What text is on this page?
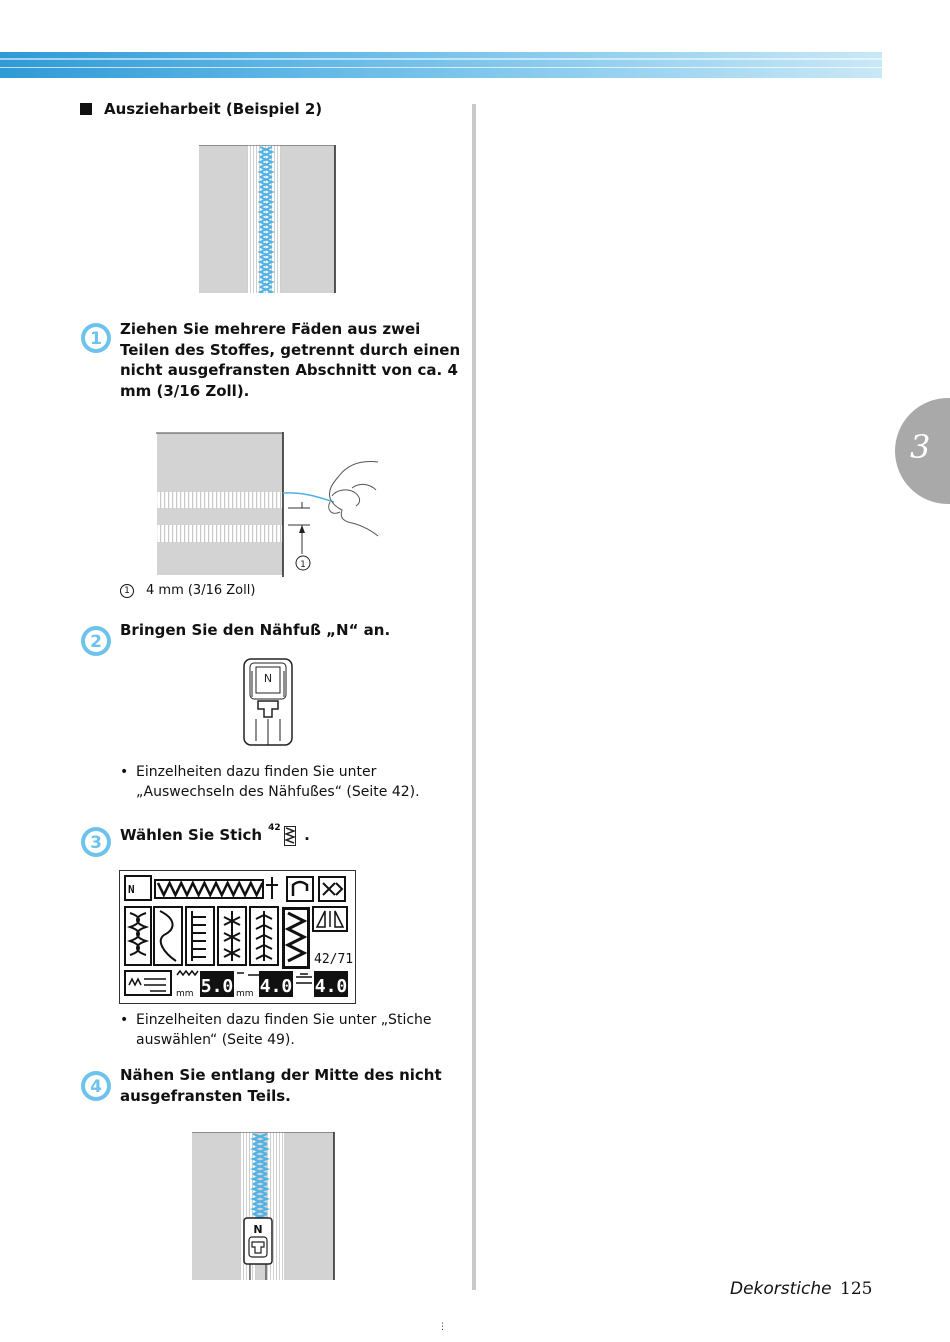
3
Auszieharbeit (Beispiel 2)
1 Ziehen Sie mehrere Fäden aus zwei Teilen des Stoffes, getrennt durch einen nicht ausgefransten Abschnitt von ca. 4 mm (3/16 Zoll).
1
1	4 mm (3/16 Zoll)
2
Bringen Sie den Nähfuß „N“ an.
N
• Einzelheiten dazu finden Sie unter „Auswechseln des Nähfußes“ (Seite 42).
3 Wählen Sie Stich 42 .
N
42/71
mm 5.0 mm 4.0 4.0
• Einzelheiten dazu finden Sie unter „Stiche auswählen“ (Seite 49).
4
Nähen Sie entlang der Mitte des nicht ausgefransten Teils.
N
Dekorstiche 125
⋮
